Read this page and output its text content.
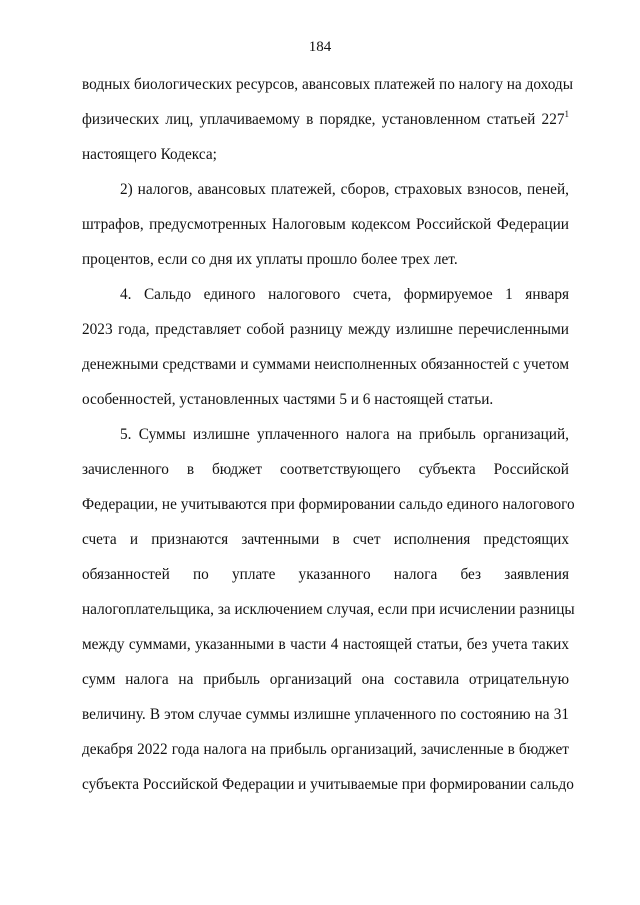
184
водных биологических ресурсов, авансовых платежей по налогу на доходы
физических лиц, уплачиваемому в порядке, установленном статьей $227^1$
настоящего Кодекса;
2) налогов, авансовых платежей, сборов, страховых взносов, пеней,
штрафов, предусмотренных Налоговым кодексом Российской Федерации
процентов, если со дня их уплаты прошло более трех лет.
4. Сальдо единого налогового счета, формируемое 1 января
2023 года, представляет собой разницу между излишне перечисленными
денежными средствами и суммами неисполненных обязанностей с учетом
особенностей, установленных частями 5 и 6 настоящей статьи.
5. Суммы излишне уплаченного налога на прибыль организаций,
зачисленного в бюджет соответствующего субъекта Российской
Федерации, не учитываются при формировании сальдо единого налогового
счета и признаются зачтенными в счет исполнения предстоящих
обязанностей по уплате указанного налога без заявления
налогоплательщика, за исключением случая, если при исчислении разницы
между суммами, указанными в части 4 настоящей статьи, без учета таких
сумм налога на прибыль организаций она составила отрицательную
величину. В этом случае суммы излишне уплаченного по состоянию на 31
декабря 2022 года налога на прибыль организаций, зачисленные в бюджет
субъекта Российской Федерации и учитываемые при формировании сальдо
